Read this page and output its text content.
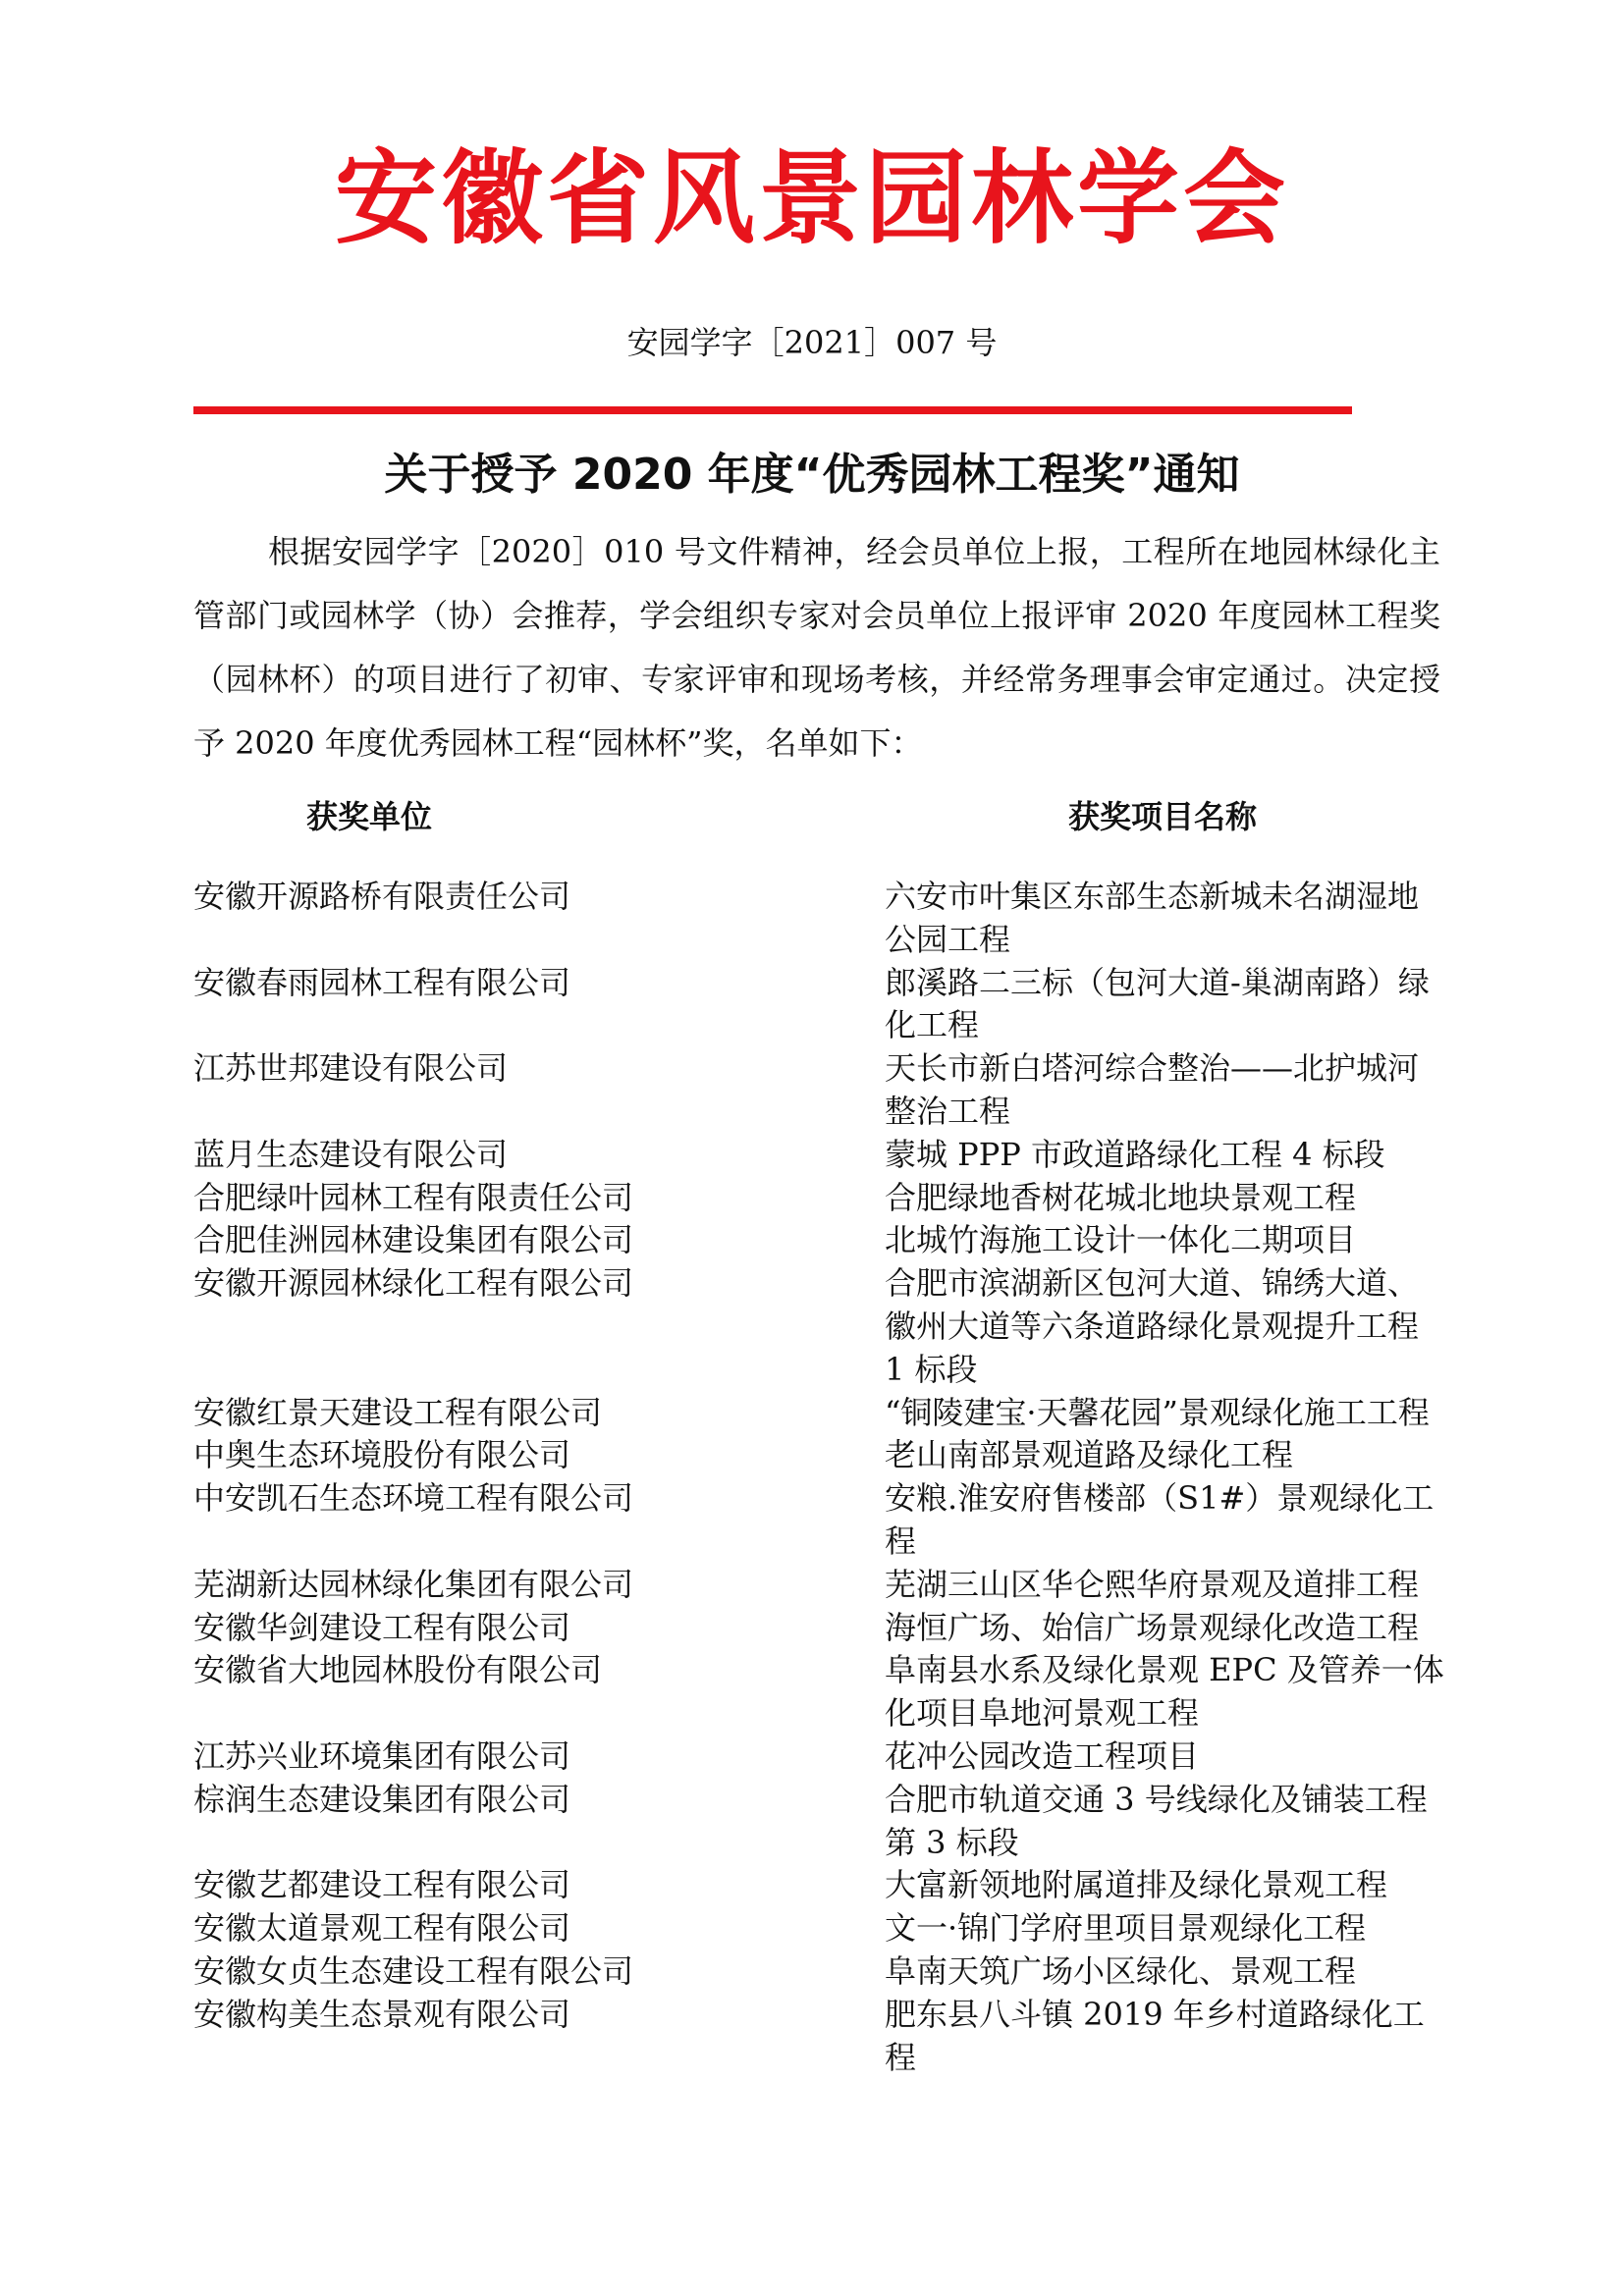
安徽省风景园林学会
安园学字［2021］007 号
关于授予 2020 年度“优秀园林工程奖”通知

根据安园学字［2020］010 号文件精神，经会员单位上报，工程所在地园林绿化主管部门或园林学（协）会推荐，学会组织专家对会员单位上报评审 2020 年度园林工程奖（园林杯）的项目进行了初审、专家评审和现场考核，并经常务理事会审定通过。决定授予 2020 年度优秀园林工程“园林杯”奖，名单如下：

获奖单位	获奖项目名称
安徽开源路桥有限责任公司	六安市叶集区东部生态新城未名湖湿地公园工程
安徽春雨园林工程有限公司	郎溪路二三标（包河大道-巢湖南路）绿化工程
江苏世邦建设有限公司	天长市新白塔河综合整治——北护城河整治工程
蓝月生态建设有限公司	蒙城 PPP 市政道路绿化工程 4 标段
合肥绿叶园林工程有限责任公司	合肥绿地香树花城北地块景观工程
合肥佳洲园林建设集团有限公司	北城竹海施工设计一体化二期项目
安徽开源园林绿化工程有限公司	合肥市滨湖新区包河大道、锦绣大道、徽州大道等六条道路绿化景观提升工程 1 标段
安徽红景天建设工程有限公司	“铜陵建宝·天馨花园”景观绿化施工工程
中奥生态环境股份有限公司	老山南部景观道路及绿化工程
中安凯石生态环境工程有限公司	安粮.淮安府售楼部（S1#）景观绿化工程
芜湖新达园林绿化集团有限公司	芜湖三山区华仑熙华府景观及道排工程
安徽华剑建设工程有限公司	海恒广场、始信广场景观绿化改造工程
安徽省大地园林股份有限公司	阜南县水系及绿化景观 EPC 及管养一体化项目阜地河景观工程
江苏兴业环境集团有限公司	花冲公园改造工程项目
棕润生态建设集团有限公司	合肥市轨道交通 3 号线绿化及铺装工程第 3 标段
安徽艺都建设工程有限公司	大富新领地附属道排及绿化景观工程
安徽太道景观工程有限公司	文一·锦门学府里项目景观绿化工程
安徽女贞生态建设工程有限公司	阜南天筑广场小区绿化、景观工程
安徽构美生态景观有限公司	肥东县八斗镇 2019 年乡村道路绿化工程
